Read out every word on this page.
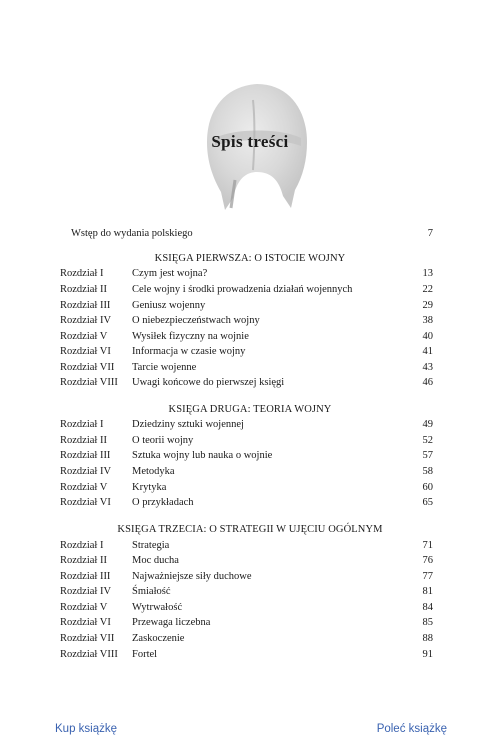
Spis treści
Wstęp do wydania polskiego	7
KSIĘGA PIERWSZA: O ISTOCIE WOJNY
Rozdział I	Czym jest wojna?	13
Rozdział II Cele wojny i środki prowadzenia działań wojennych	22
Rozdział III Geniusz wojenny	29
Rozdział IV O niebezpieczeństwach wojny	38
Rozdział V Wysiłek fizyczny na wojnie	40
Rozdział VI Informacja w czasie wojny	41
Rozdział VII Tarcie wojenne	43
Rozdział VIII Uwagi końcowe do pierwszej księgi	46
KSIĘGA DRUGA: TEORIA WOJNY
Rozdział I	Dziedziny sztuki wojennej	49
Rozdział II O teorii wojny	52
Rozdział III Sztuka wojny lub nauka o wojnie	57
Rozdział IV Metodyka	58
Rozdział V Krytyka	60
Rozdział VI O przykładach	65
KSIĘGA TRZECIA: O STRATEGII W UJĘCIU OGÓLNYM
Rozdział I	Strategia	71
Rozdział II Moc ducha	76
Rozdział III Najważniejsze siły duchowe	77
Rozdział IV Śmiałość	81
Rozdział V Wytrwałość	84
Rozdział VI Przewaga liczebna	85
Rozdział VII Zaskoczenie	88
Rozdział VIII Fortel	91
Kup książkę	Poleć książkę
